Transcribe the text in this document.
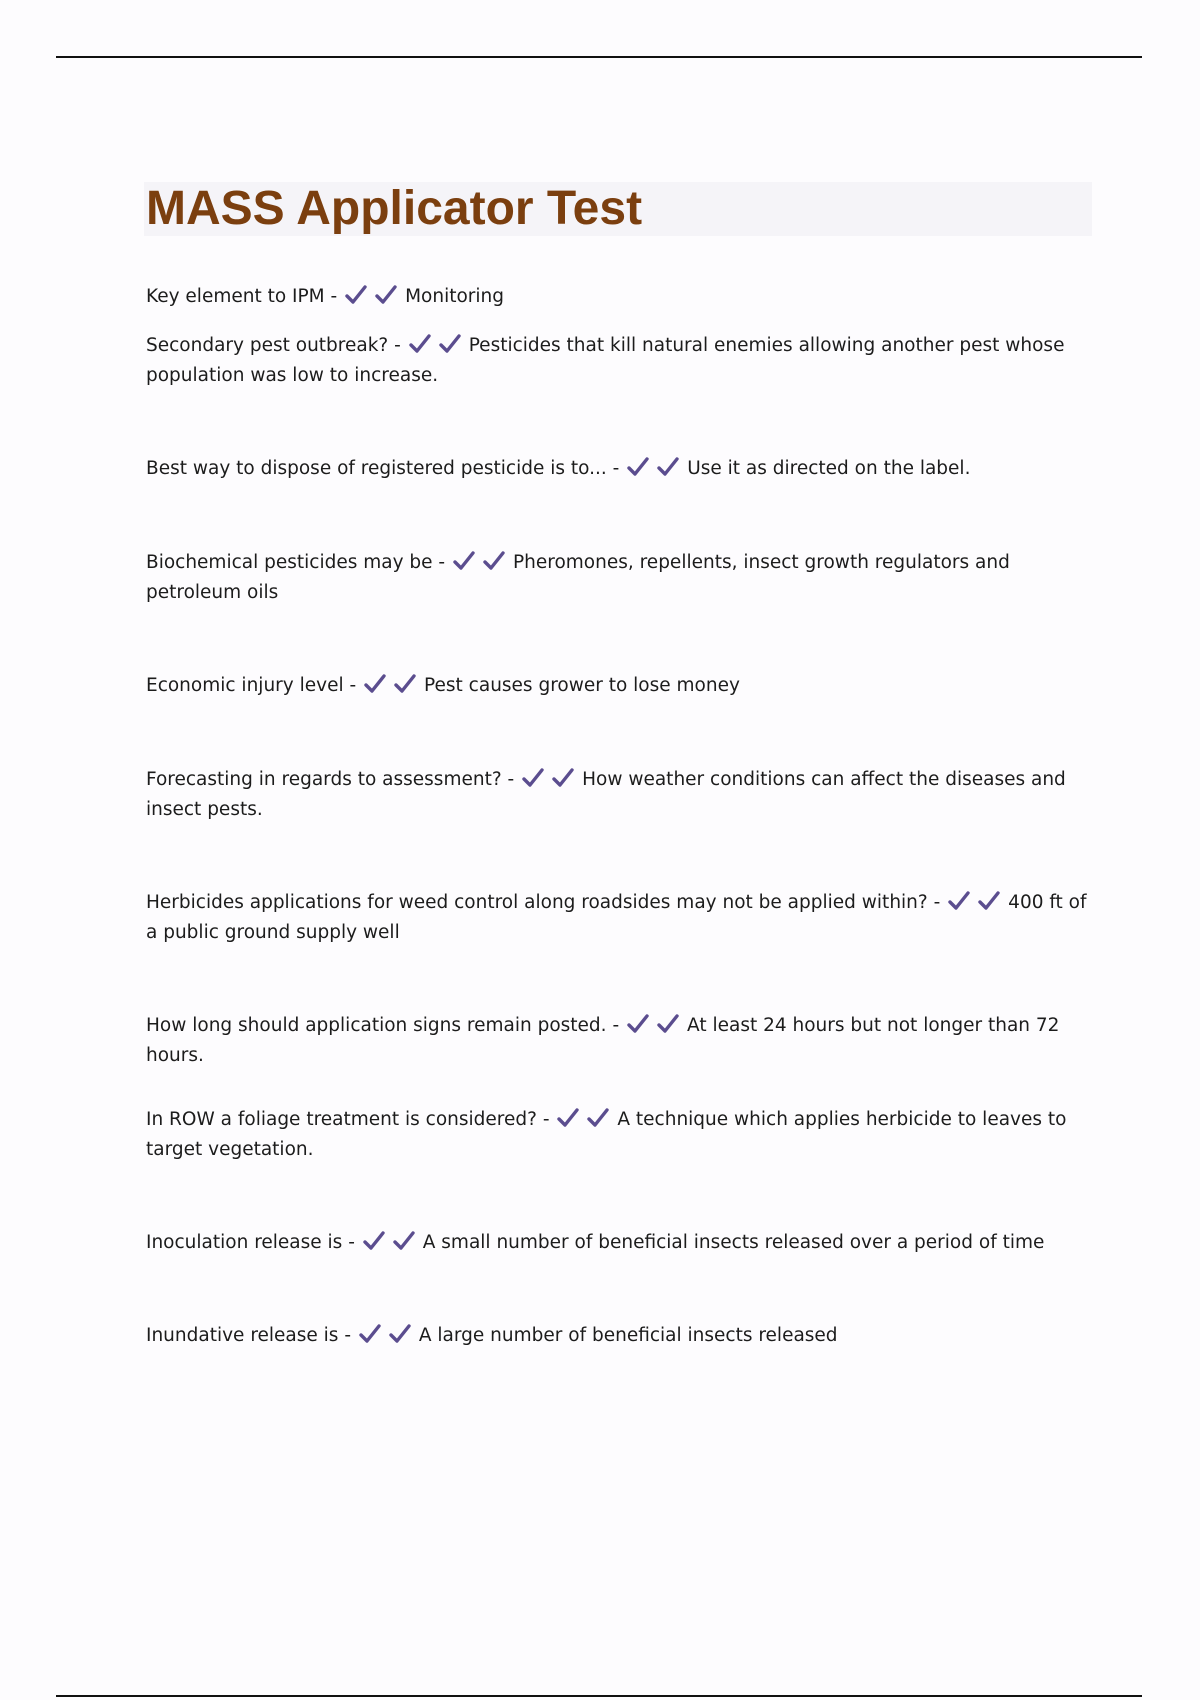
MASS Applicator Test
Key element to IPM -	Monitoring
Secondary pest outbreak? -	Pesticides that kill natural enemies allowing another pest whose population was low to increase.
Best way to dispose of registered pesticide is to... -	Use it as directed on the label.
Biochemical pesticides may be -	Pheromones, repellents, insect growth regulators and petroleum oils
Economic injury level -	Pest causes grower to lose money
Forecasting in regards to assessment? -	How weather conditions can affect the diseases and insect pests.
Herbicides applications for weed control along roadsides may not be applied within? -	400 ft of a public ground supply well
How long should application signs remain posted. -	At least 24 hours but not longer than 72 hours.
In ROW a foliage treatment is considered? -	A technique which applies herbicide to leaves to target vegetation.
Inoculation release is -	A small number of beneficial insects released over a period of time
Inundative release is -	A large number of beneficial insects released
